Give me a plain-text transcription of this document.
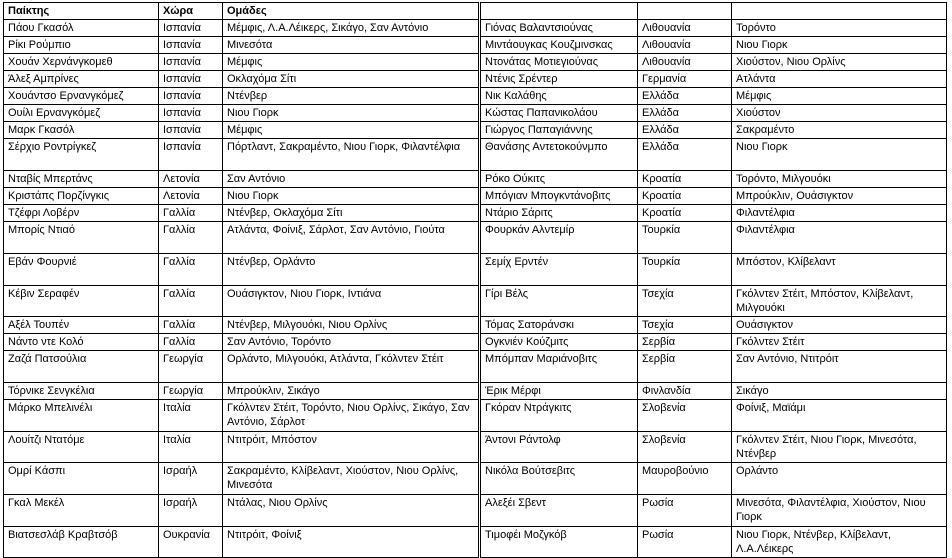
Παίκτης	Χώρα	Ομάδες				
Πάου Γκασόλ	Ισπανία	Μέμφις, Λ.Α.Λέικερς, Σικάγο, Σαν Αντόνιο		Γιόνας Βαλαντσιούνας	Λιθουανία	Τορόντο
Ρίκι Ρούμπιο	Ισπανία	Μινεσότα		Μιντάουγκας Κουζμινσκας	Λιθουανία	Νιου Γιορκ
Χουάν Χερνάνγκομεθ	Ισπανία	Μέμφις		Ντονάτας Μοτιεγιούνας	Λιθουανία	Χιούστον, Νιου Ορλίνς
Άλεξ Αμπρίνες	Ισπανία	Οκλαχόμα Σίτι		Ντένις Σρέντερ	Γερμανία	Ατλάντα
Χουάντσο Ερνανγκόμεζ	Ισπανία	Ντένβερ		Νικ Καλάθης	Ελλάδα	Μέμφις
Ουίλι Ερνανγκόμεζ	Ισπανία	Νιου Γιορκ		Κώστας Παπανικολάου	Ελλάδα	Χιούστον
Μαρκ Γκασόλ	Ισπανία	Μέμφις		Γιώργος Παπαγιάννης	Ελλάδα	Σακραμέντο
Σέρχιο Ροντρίγκεζ	Ισπανία	Πόρτλαντ, Σακραμέντο, Νιου Γιορκ, Φιλαντέλφια		Θανάσης Αντετοκούνμπο	Ελλάδα	Νιου Γιορκ
Νταβίς Μπερτάνς	Λετονία	Σαν Αντόνιο		Ρόκο Ούκιτς	Κροατία	Τορόντο, Μιλγουόκι
Κριστάπς Πορζίνγκις	Λετονία	Νιου Γιορκ		Μπόγιαν Μπογκντάνοβιτς	Κροατία	Μπρούκλιν, Ουάσιγκτον
Τζέφρι Λοβέρν	Γαλλία	Ντένβερ, Οκλαχόμα Σίτι		Ντάριο Σάριτς	Κροατία	Φιλαντέλφια
Μπορίς Ντιαό	Γαλλία	Ατλάντα, Φοίνιξ, Σάρλοτ, Σαν Αντόνιο, Γιούτα		Φουρκάν Αλντεμίρ	Τουρκία	Φιλαντέλφια
Εβάν Φουρνιέ	Γαλλία	Ντένβερ, Ορλάντο		Σεμίχ Ερντέν	Τουρκία	Μπόστον, Κλίβελαντ
Κέβιν Σεραφέν	Γαλλία	Ουάσιγκτον, Νιου Γιορκ, Ιντιάνα		Γίρι Βέλς	Τσεχία	Γκόλντεν Στέιτ, Μπόστον, Κλίβελαντ, Μιλγουόκι
Αξέλ Τουπέν	Γαλλία	Ντένβερ, Μιλγουόκι, Νιου Ορλίνς		Τόμας Σατοράνσκι	Τσεχία	Ουάσιγκτον
Νάντο ντε Κολό	Γαλλία	Σαν Αντόνιο, Τορόντο		Ογκνιέν Κούζμιτς	Σερβία	Γκόλντεν Στέιτ
Ζαζά Πατσούλια	Γεωργία	Ορλάντο, Μιλγουόκι, Ατλάντα, Γκόλντεν Στέιτ		Μπόμπαν Μαριάνοβιτς	Σερβία	Σαν Αντόνιο, Ντιτρόιτ
Τόρνικε Σενγκέλια	Γεωργία	Μπρούκλιν, Σικάγο		Έρικ Μέρφι	Φινλανδία	Σικάγο
Μάρκο Μπελινέλι	Ιταλία	Γκόλντεν Στέιτ, Τορόντο, Νιου Ορλίνς, Σικάγο, Σαν Αντόνιο, Σάρλοτ		Γκόραν Ντράγκιτς	Σλοβενία	Φοίνιξ, Μαϊάμι
Λουίτζι Ντατόμε	Ιταλία	Ντιτρόιτ, Μπόστον		Άντονι Ράντολφ	Σλοβενία	Γκόλντεν Στέιτ, Νιου Γιορκ, Μινεσότα, Ντένβερ
Ομρί Κάσπι	Ισραήλ	Σακραμέντο, Κλίβελαντ, Χιούστον, Νιου Ορλίνς, Μινεσότα		Νικόλα Βούτσεβιτς	Μαυροβούνιο	Ορλάντο
Γκαλ Μεκέλ	Ισραήλ	Ντάλας, Νιου Ορλίνς		Αλεξέι Σβεντ	Ρωσία	Μινεσότα, Φιλαντέλφια, Χιούστον, Νιου Γιορκ
Βιατσεσλάβ Κραβτσόβ	Ουκρανία	Ντιτρόιτ, Φοίνιξ		Τιμοφέι Μοζγκόβ	Ρωσία	Νιου Γιορκ, Ντένβερ, Κλίβελαντ, Λ.Α.Λέικερς
